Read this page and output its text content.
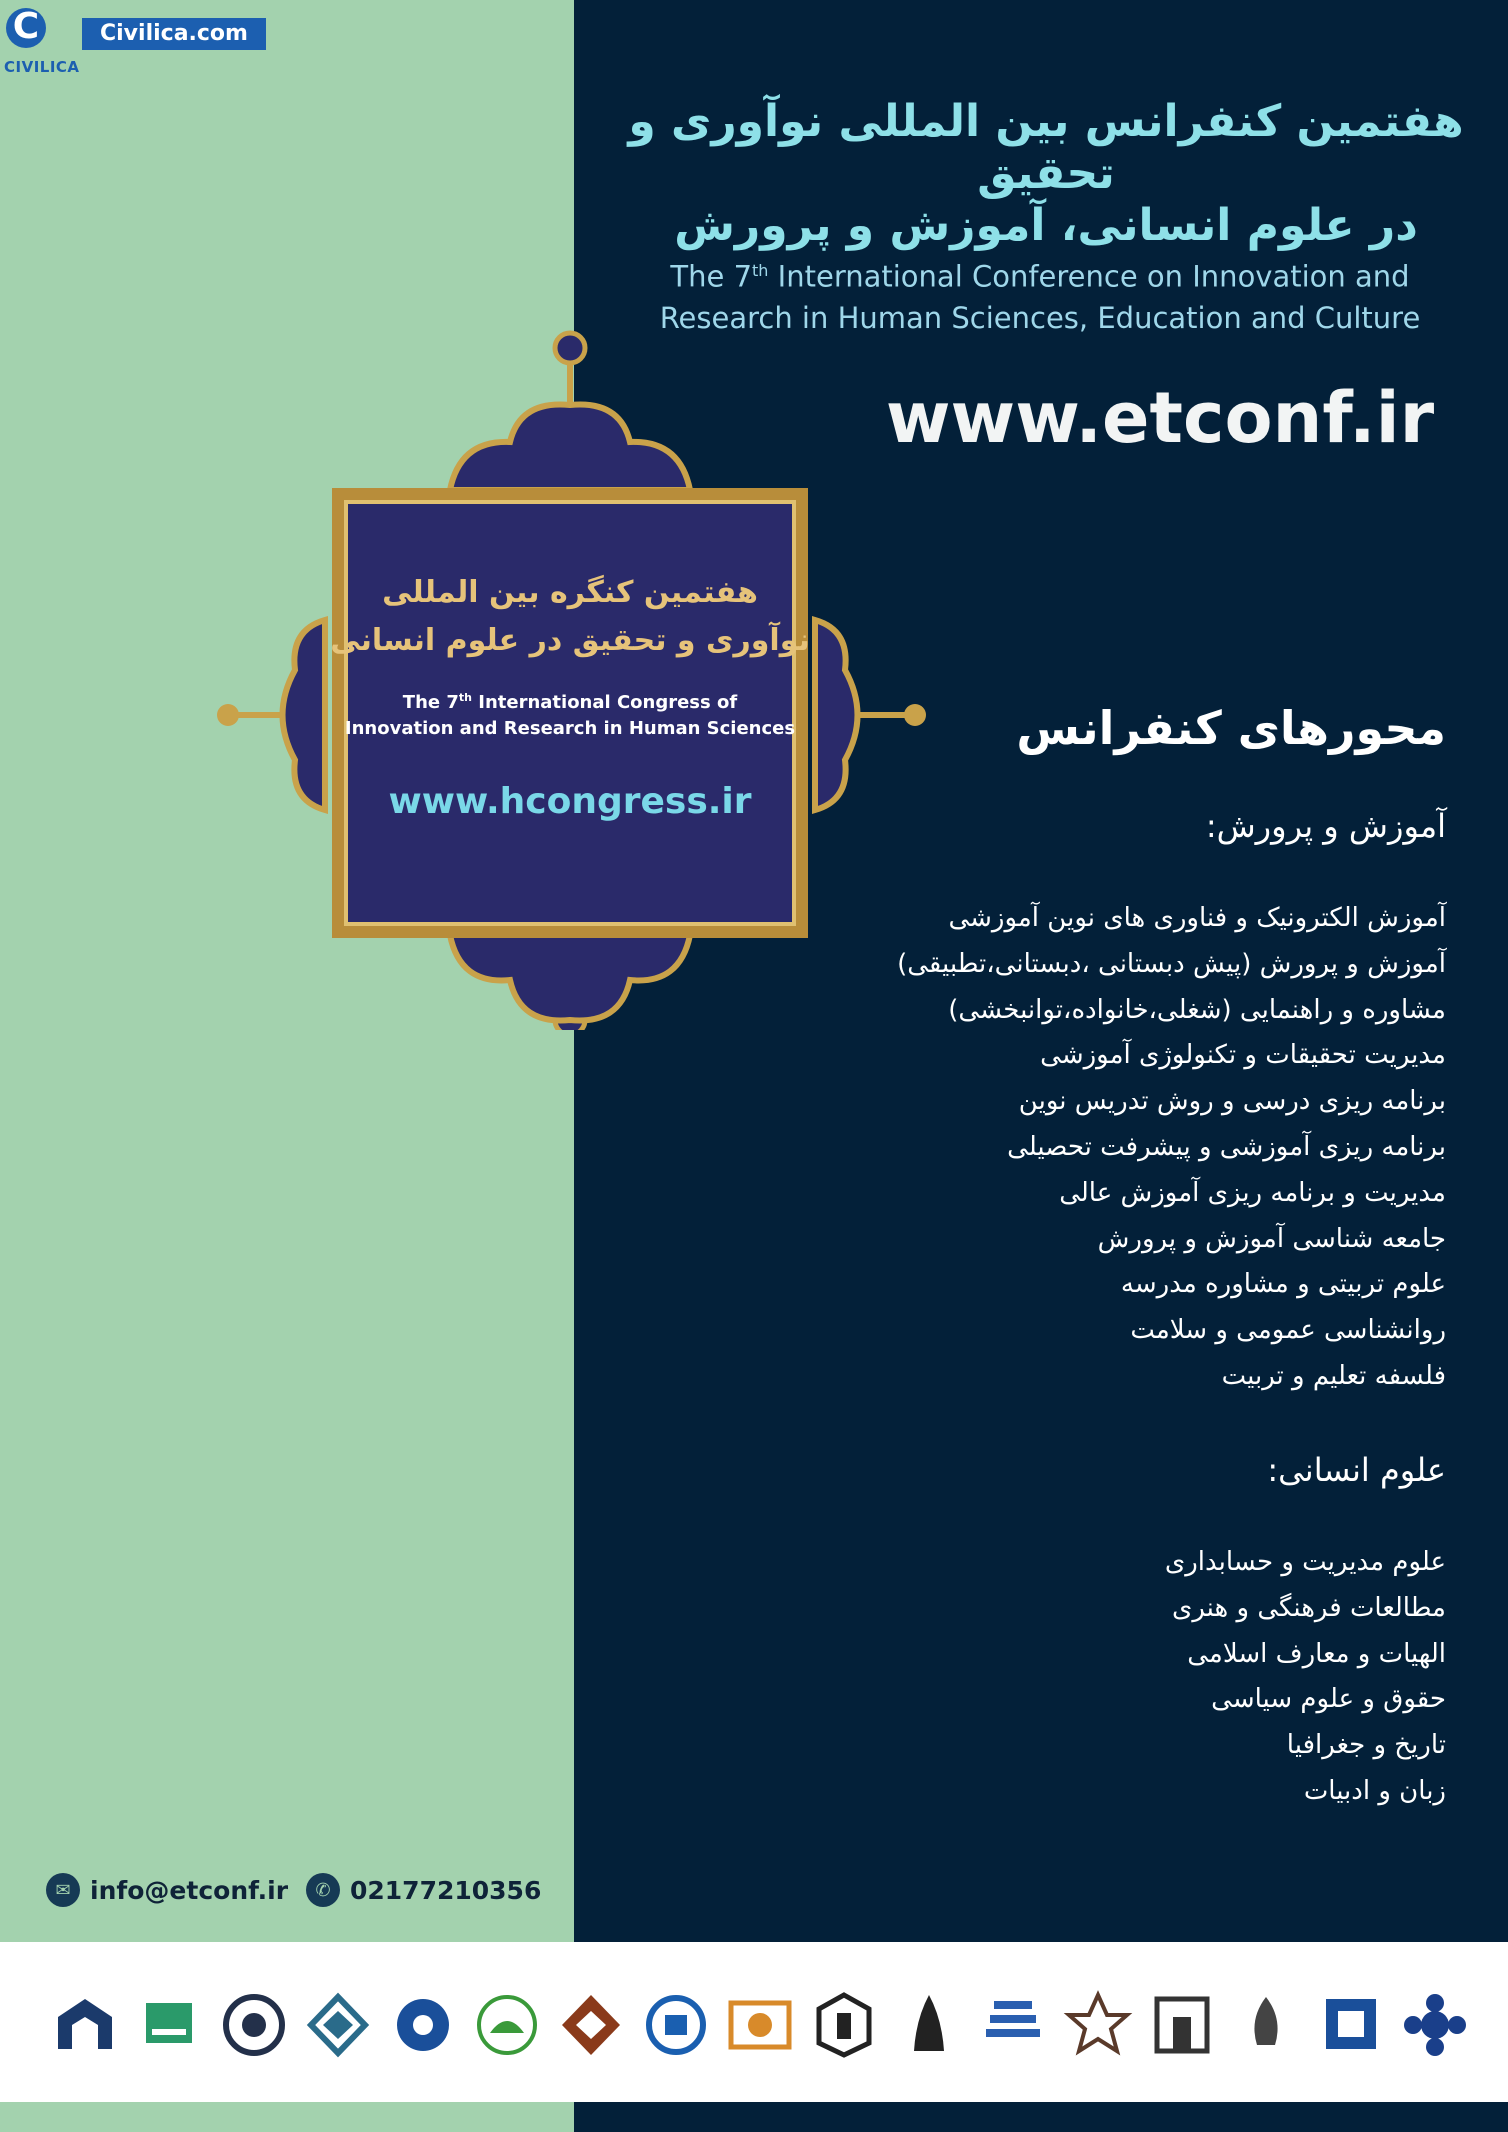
C
CIVILICA
Civilica.com
هفتمین کنفرانس بین المللی نوآوری و تحقیق
در علوم انسانی، آموزش و پرورش
The 7th International Conference on Innovation and
Research in Human Sciences, Education and Culture
www.etconf.ir
هفتمین کنگره بین المللی
نوآوری و تحقیق در علوم انسانی
The 7th International Congress of
Innovation and Research in Human Sciences
www.hcongress.ir
محورهای کنفرانس
آموزش و پرورش:
آموزش الکترونیک و فناوری های نوین آموزشی
آموزش و پرورش (پیش دبستانی ،دبستانی،تطبیقی)
مشاوره و راهنمایی (شغلی،خانواده،توانبخشی)
مدیریت تحقیقات و تکنولوژی آموزشی
برنامه ریزی درسی و روش تدریس نوین
برنامه ریزی آموزشی و پیشرفت تحصیلی
مدیریت و برنامه ریزی آموزش عالی
جامعه شناسی آموزش و پرورش
علوم تربیتی و مشاوره مدرسه
روانشناسی عمومی و سلامت
فلسفه تعلیم و تربیت
علوم انسانی:
علوم مدیریت و حسابداری
مطالعات فرهنگی و هنری
الهیات و معارف اسلامی
حقوق و علوم سیاسی
تاریخ و جغرافیا
زبان و ادبیات
✉ info@etconf.ir	✆ 02177210356
